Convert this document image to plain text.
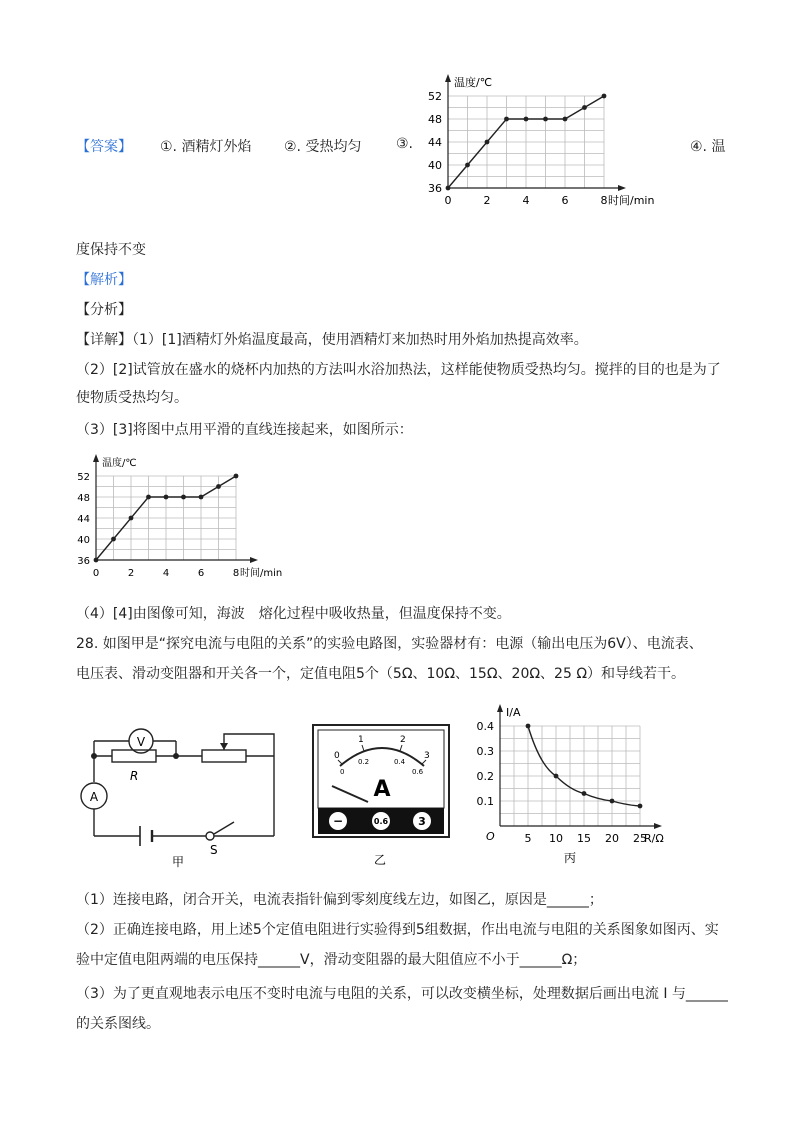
【答案】 ①. 酒精灯外焰 ②. 受热均匀 ③.	④. 温
0	2	4	6	8
36
40
44
48
52
温度/℃
时间/min
度保持不变
【解析】
【分析】
【详解】（1）[1]酒精灯外焰温度最高，使用酒精灯来加热时用外焰加热提高效率。
（2）[2]试管放在盛水的烧杯内加热的方法叫水浴加热法，这样能使物质受热均匀。搅拌的目的也是为了
使物质受热均匀。
（3）[3]将图中点用平滑的直线连接起来，如图所示：
0	2	4	6	8
36
40
44
48
52
温度/℃
时间/min
（4）[4]由图像可知，海波　熔化过程中吸收热量，但温度保持不变。
28. 如图甲是“探究电流与电阻的关系”的实验电路图，实验器材有：电源（输出电压为6V）、电流表、
电压表、滑动变阻器和开关各一个，定值电阻5个（5Ω、10Ω、15Ω、20Ω、25 Ω）和导线若干。
V
A
R
S
甲
0
1	2
3
0
0.2	0.4
0.6
A
−	0.6	3
乙
5 10 15 20 25
0.1
0.2
0.3
0.4
I/A
R/Ω
O
丙
（1）连接电路，闭合开关，电流表指针偏到零刻度线左边，如图乙，原因是______；
（2）正确连接电路，用上述5个定值电阻进行实验得到5组数据，作出电流与电阻的关系图象如图丙、实
验中定值电阻两端的电压保持______V，滑动变阻器的最大阻值应不小于______Ω；
（3）为了更直观地表示电压不变时电流与电阻的关系，可以改变横坐标，处理数据后画出电流 I 与______
的关系图线。
